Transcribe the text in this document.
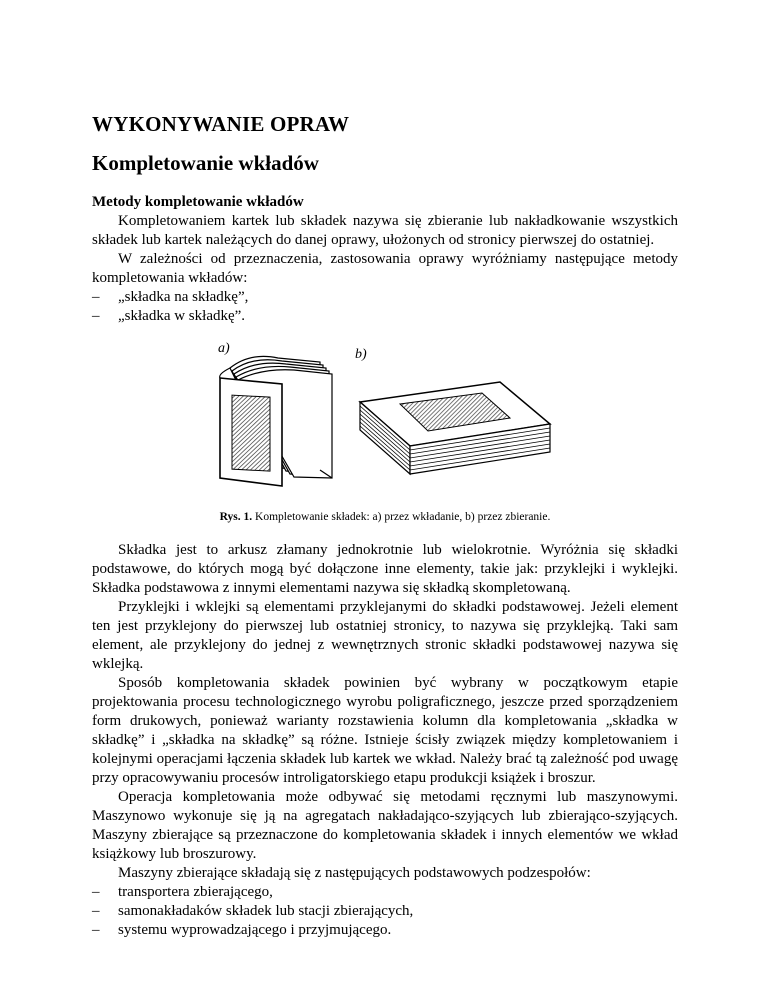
WYKONYWANIE OPRAW
Kompletowanie wkładów
Metody kompletowanie wkładów

Kompletowaniem kartek lub składek nazywa się zbieranie lub nakładkowanie wszystkich składek lub kartek należących do danej oprawy, ułożonych od stronicy pierwszej do ostatniej.

W zależności od przeznaczenia, zastosowania oprawy wyróżniamy następujące metody kompletowania wkładów:

–	„składka na składkę”,
–	„składka w składkę”.
a)	b)
Rys. 1. Kompletowanie składek: a) przez wkładanie, b) przez zbieranie.

Składka jest to arkusz złamany jednokrotnie lub wielokrotnie. Wyróżnia się składki podstawowe, do których mogą być dołączone inne elementy, takie jak: przyklejki i wyklejki. Składka podstawowa z innymi elementami nazywa się składką skompletowaną.

Przyklejki i wklejki są elementami przyklejanymi do składki podstawowej. Jeżeli element ten jest przyklejony do pierwszej lub ostatniej stronicy, to nazywa się przyklejką. Taki sam element, ale przyklejony do jednej z wewnętrznych stronic składki podstawowej nazywa się wklejką.

Sposób kompletowania składek powinien być wybrany w początkowym etapie projektowania procesu technologicznego wyrobu poligraficznego, jeszcze przed sporządzeniem form drukowych, ponieważ warianty rozstawienia kolumn dla kompletowania „składka w składkę” i „składka na składkę” są różne. Istnieje ścisły związek między kompletowaniem i kolejnymi operacjami łączenia składek lub kartek we wkład. Należy brać tą zależność pod uwagę przy opracowywaniu procesów introligatorskiego etapu produkcji książek i broszur.

Operacja kompletowania może odbywać się metodami ręcznymi lub maszynowymi. Maszynowo wykonuje się ją na agregatach nakładająco-szyjących lub zbierająco-szyjących. Maszyny zbierające są przeznaczone do kompletowania składek i innych elementów we wkład książkowy lub broszurowy.

Maszyny zbierające składają się z następujących podstawowych podzespołów:

–	transportera zbierającego,
–	samonakładaków składek lub stacji zbierających,
–	systemu wyprowadzającego i przyjmującego.
